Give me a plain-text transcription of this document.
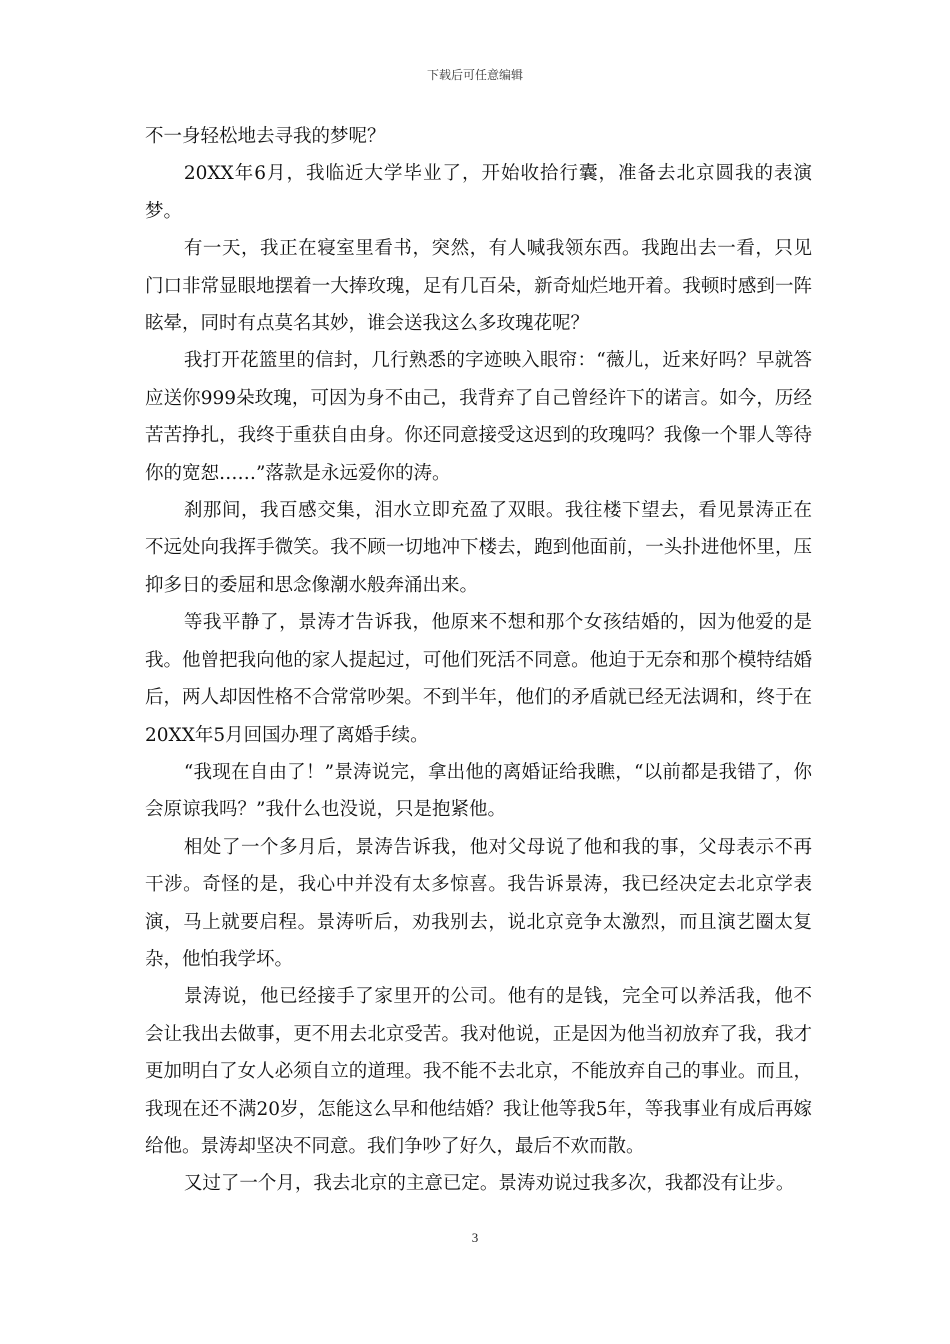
下载后可任意编辑

不一身轻松地去寻我的梦呢？

20XX年6月，我临近大学毕业了，开始收拾行囊，准备去北京圆我的表演梦。

有一天，我正在寝室里看书，突然，有人喊我领东西。我跑出去一看，只见门口非常显眼地摆着一大捧玫瑰，足有几百朵，新奇灿烂地开着。我顿时感到一阵眩晕，同时有点莫名其妙，谁会送我这么多玫瑰花呢？

我打开花篮里的信封，几行熟悉的字迹映入眼帘：“薇儿，近来好吗？早就答应送你999朵玫瑰，可因为身不由己，我背弃了自己曾经许下的诺言。如今，历经苦苦挣扎，我终于重获自由身。你还同意接受这迟到的玫瑰吗？我像一个罪人等待你的宽恕……”落款是永远爱你的涛。

刹那间，我百感交集，泪水立即充盈了双眼。我往楼下望去，看见景涛正在不远处向我挥手微笑。我不顾一切地冲下楼去，跑到他面前，一头扑进他怀里，压抑多日的委屈和思念像潮水般奔涌出来。

等我平静了，景涛才告诉我，他原来不想和那个女孩结婚的，因为他爱的是我。他曾把我向他的家人提起过，可他们死活不同意。他迫于无奈和那个模特结婚后，两人却因性格不合常常吵架。不到半年，他们的矛盾就已经无法调和，终于在20XX年5月回国办理了离婚手续。

“我现在自由了！”景涛说完，拿出他的离婚证给我瞧，“以前都是我错了，你会原谅我吗？”我什么也没说，只是抱紧他。

相处了一个多月后，景涛告诉我，他对父母说了他和我的事，父母表示不再干涉。奇怪的是，我心中并没有太多惊喜。我告诉景涛，我已经决定去北京学表演，马上就要启程。景涛听后，劝我别去，说北京竞争太激烈，而且演艺圈太复杂，他怕我学坏。

景涛说，他已经接手了家里开的公司。他有的是钱，完全可以养活我，他不会让我出去做事，更不用去北京受苦。我对他说，正是因为他当初放弃了我，我才更加明白了女人必须自立的道理。我不能不去北京，不能放弃自己的事业。而且，我现在还不满20岁，怎能这么早和他结婚？我让他等我5年，等我事业有成后再嫁给他。景涛却坚决不同意。我们争吵了好久，最后不欢而散。

又过了一个月，我去北京的主意已定。景涛劝说过我多次，我都没有让步。

3
